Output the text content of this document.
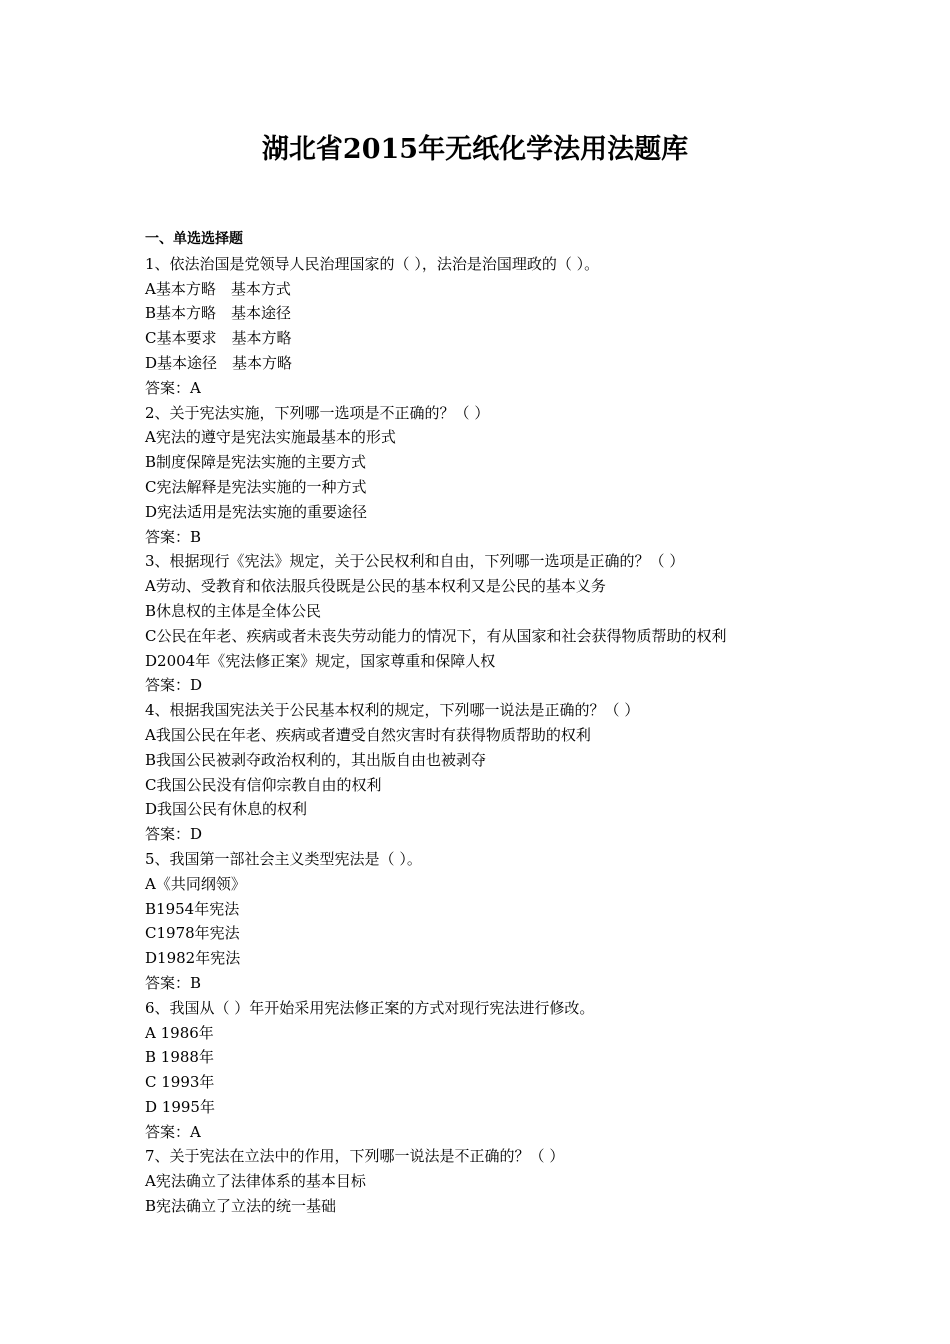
湖北省2015年无纸化学法用法题库
一、单选选择题
1、依法治国是党领导人民治理国家的（ ），法治是治国理政的（ ）。
A基本方略　基本方式
B基本方略　基本途径
C基本要求　基本方略
D基本途径　基本方略
答案：A
2、关于宪法实施，下列哪一选项是不正确的？（ ）
A宪法的遵守是宪法实施最基本的形式
B制度保障是宪法实施的主要方式
C宪法解释是宪法实施的一种方式
D宪法适用是宪法实施的重要途径
答案：B
3、根据现行《宪法》规定，关于公民权利和自由，下列哪一选项是正确的？（ ）
A劳动、受教育和依法服兵役既是公民的基本权利又是公民的基本义务
B休息权的主体是全体公民
C公民在年老、疾病或者未丧失劳动能力的情况下，有从国家和社会获得物质帮助的权利
D2004年《宪法修正案》规定，国家尊重和保障人权
答案：D
4、根据我国宪法关于公民基本权利的规定，下列哪一说法是正确的？（ ）
A我国公民在年老、疾病或者遭受自然灾害时有获得物质帮助的权利
B我国公民被剥夺政治权利的，其出版自由也被剥夺
C我国公民没有信仰宗教自由的权利
D我国公民有休息的权利
答案：D
5、我国第一部社会主义类型宪法是（ ）。
A《共同纲领》
B1954年宪法
C1978年宪法
D1982年宪法
答案：B
6、我国从（ ）年开始采用宪法修正案的方式对现行宪法进行修改。
A 1986年
B 1988年
C 1993年
D 1995年
答案：A
7、关于宪法在立法中的作用，下列哪一说法是不正确的？（ ）
A宪法确立了法律体系的基本目标
B宪法确立了立法的统一基础
